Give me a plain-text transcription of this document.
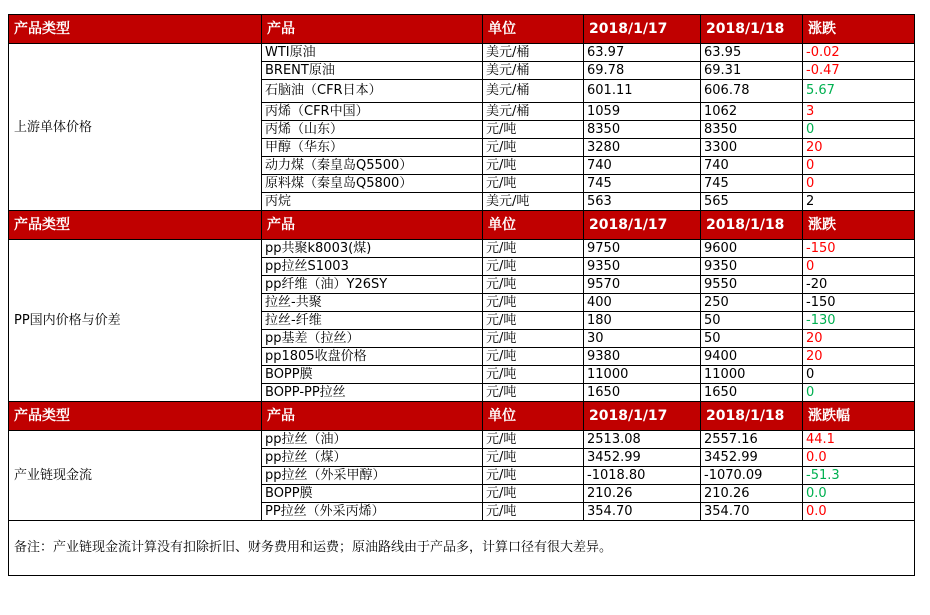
产品类型	产品	单位	2018/1/17	2018/1/18	涨跌
上游单体价格	WTI原油	美元/桶	63.97	63.95	-0.02
	BRENT原油	美元/桶	69.78	69.31	-0.47
	石脑油（CFR日本）	美元/桶	601.11	606.78	5.67
	丙烯（CFR中国）	美元/桶	1059	1062	3
	丙烯（山东）	元/吨	8350	8350	0
	甲醇（华东）	元/吨	3280	3300	20
	动力煤（秦皇岛Q5500）	元/吨	740	740	0
	原料煤（秦皇岛Q5800）	元/吨	745	745	0
	丙烷	美元/吨	563	565	2
产品类型	产品	单位	2018/1/17	2018/1/18	涨跌
PP国内价格与价差	pp共聚k8003(煤)	元/吨	9750	9600	-150
	pp拉丝S1003	元/吨	9350	9350	0
	pp纤维（油）Y26SY	元/吨	9570	9550	-20
	拉丝-共聚	元/吨	400	250	-150
	拉丝-纤维	元/吨	180	50	-130
	pp基差（拉丝）	元/吨	30	50	20
	pp1805收盘价格	元/吨	9380	9400	20
	BOPP膜	元/吨	11000	11000	0
	BOPP-PP拉丝	元/吨	1650	1650	0
产品类型	产品	单位	2018/1/17	2018/1/18	涨跌幅
产业链现金流	pp拉丝（油）	元/吨	2513.08	2557.16	44.1
	pp拉丝（煤）	元/吨	3452.99	3452.99	0.0
	pp拉丝（外采甲醇）	元/吨	-1018.80	-1070.09	-51.3
	BOPP膜	元/吨	210.26	210.26	0.0
	PP拉丝（外采丙烯）	元/吨	354.70	354.70	0.0
备注：产业链现金流计算没有扣除折旧、财务费用和运费；原油路线由于产品多，计算口径有很大差异。					
